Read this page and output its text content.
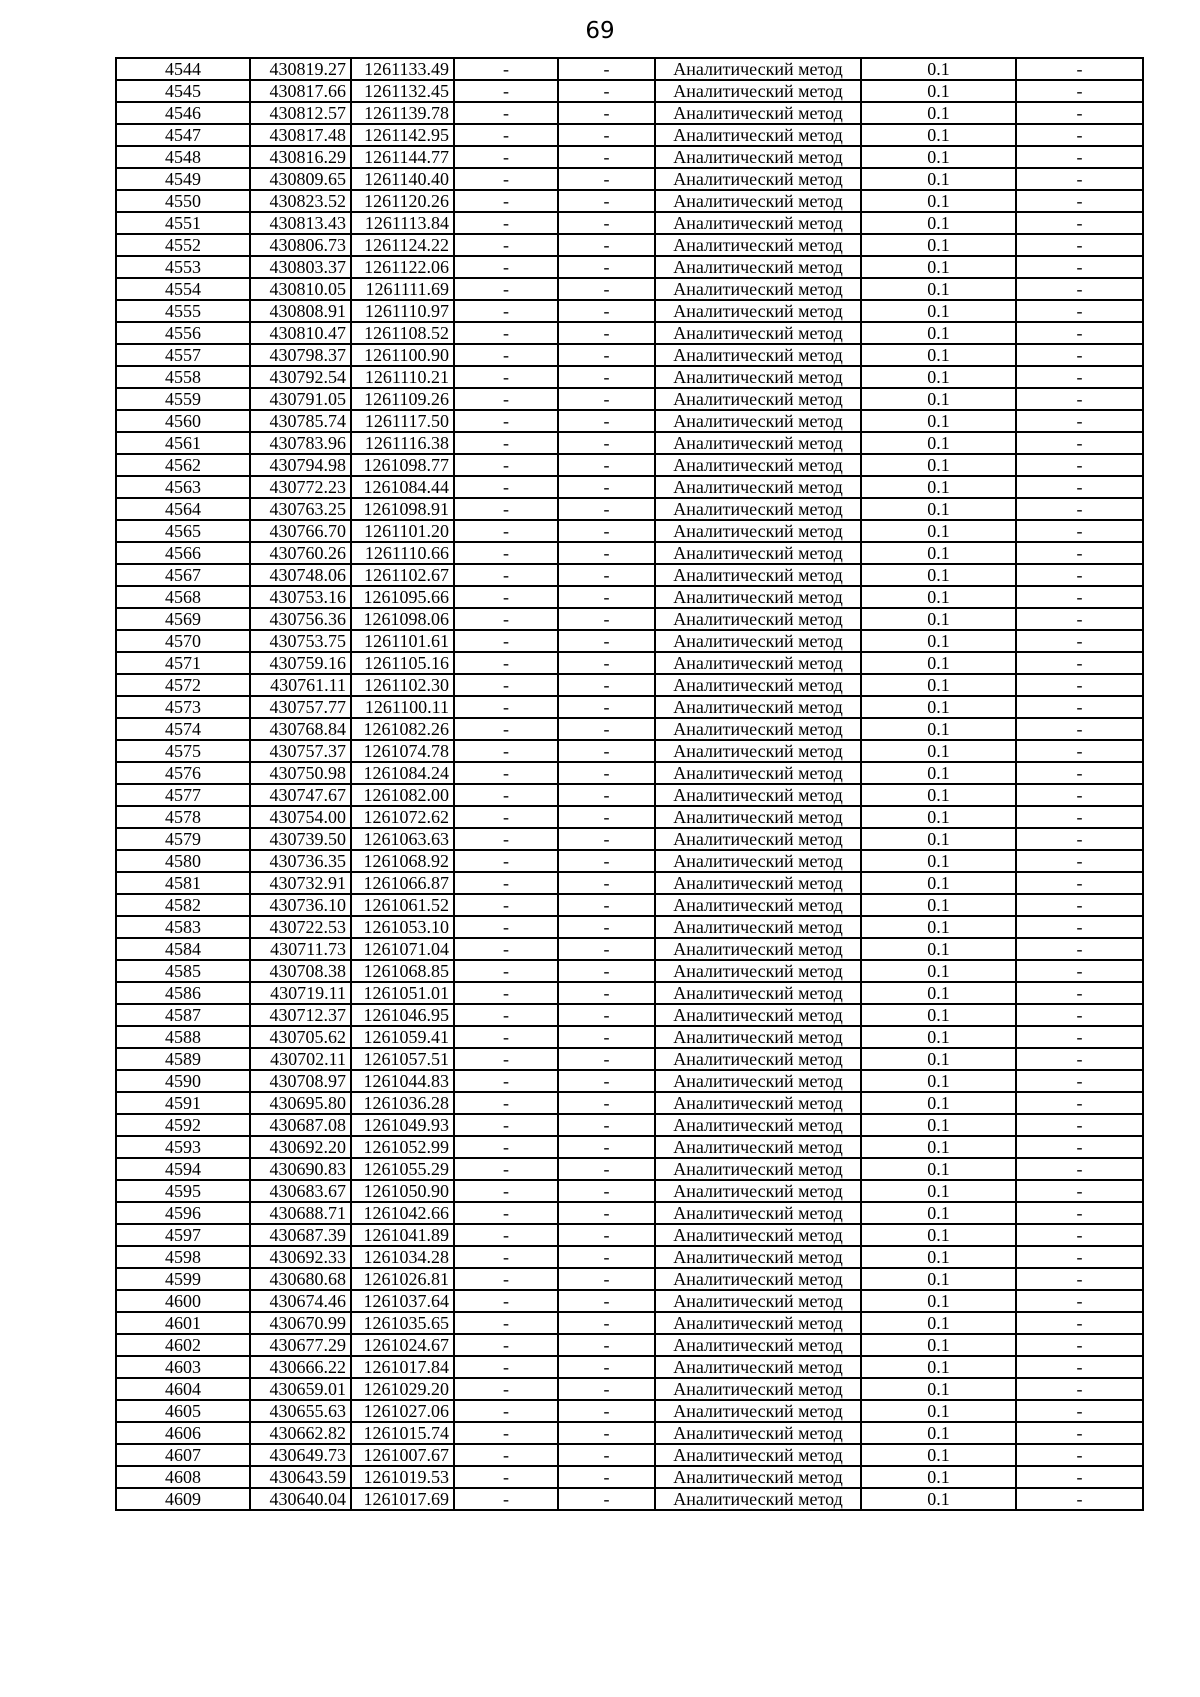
69
4544	430819.27	1261133.49	-	-	Аналитический метод	0.1	-
4545	430817.66	1261132.45	-	-	Аналитический метод	0.1	-
4546	430812.57	1261139.78	-	-	Аналитический метод	0.1	-
4547	430817.48	1261142.95	-	-	Аналитический метод	0.1	-
4548	430816.29	1261144.77	-	-	Аналитический метод	0.1	-
4549	430809.65	1261140.40	-	-	Аналитический метод	0.1	-
4550	430823.52	1261120.26	-	-	Аналитический метод	0.1	-
4551	430813.43	1261113.84	-	-	Аналитический метод	0.1	-
4552	430806.73	1261124.22	-	-	Аналитический метод	0.1	-
4553	430803.37	1261122.06	-	-	Аналитический метод	0.1	-
4554	430810.05	1261111.69	-	-	Аналитический метод	0.1	-
4555	430808.91	1261110.97	-	-	Аналитический метод	0.1	-
4556	430810.47	1261108.52	-	-	Аналитический метод	0.1	-
4557	430798.37	1261100.90	-	-	Аналитический метод	0.1	-
4558	430792.54	1261110.21	-	-	Аналитический метод	0.1	-
4559	430791.05	1261109.26	-	-	Аналитический метод	0.1	-
4560	430785.74	1261117.50	-	-	Аналитический метод	0.1	-
4561	430783.96	1261116.38	-	-	Аналитический метод	0.1	-
4562	430794.98	1261098.77	-	-	Аналитический метод	0.1	-
4563	430772.23	1261084.44	-	-	Аналитический метод	0.1	-
4564	430763.25	1261098.91	-	-	Аналитический метод	0.1	-
4565	430766.70	1261101.20	-	-	Аналитический метод	0.1	-
4566	430760.26	1261110.66	-	-	Аналитический метод	0.1	-
4567	430748.06	1261102.67	-	-	Аналитический метод	0.1	-
4568	430753.16	1261095.66	-	-	Аналитический метод	0.1	-
4569	430756.36	1261098.06	-	-	Аналитический метод	0.1	-
4570	430753.75	1261101.61	-	-	Аналитический метод	0.1	-
4571	430759.16	1261105.16	-	-	Аналитический метод	0.1	-
4572	430761.11	1261102.30	-	-	Аналитический метод	0.1	-
4573	430757.77	1261100.11	-	-	Аналитический метод	0.1	-
4574	430768.84	1261082.26	-	-	Аналитический метод	0.1	-
4575	430757.37	1261074.78	-	-	Аналитический метод	0.1	-
4576	430750.98	1261084.24	-	-	Аналитический метод	0.1	-
4577	430747.67	1261082.00	-	-	Аналитический метод	0.1	-
4578	430754.00	1261072.62	-	-	Аналитический метод	0.1	-
4579	430739.50	1261063.63	-	-	Аналитический метод	0.1	-
4580	430736.35	1261068.92	-	-	Аналитический метод	0.1	-
4581	430732.91	1261066.87	-	-	Аналитический метод	0.1	-
4582	430736.10	1261061.52	-	-	Аналитический метод	0.1	-
4583	430722.53	1261053.10	-	-	Аналитический метод	0.1	-
4584	430711.73	1261071.04	-	-	Аналитический метод	0.1	-
4585	430708.38	1261068.85	-	-	Аналитический метод	0.1	-
4586	430719.11	1261051.01	-	-	Аналитический метод	0.1	-
4587	430712.37	1261046.95	-	-	Аналитический метод	0.1	-
4588	430705.62	1261059.41	-	-	Аналитический метод	0.1	-
4589	430702.11	1261057.51	-	-	Аналитический метод	0.1	-
4590	430708.97	1261044.83	-	-	Аналитический метод	0.1	-
4591	430695.80	1261036.28	-	-	Аналитический метод	0.1	-
4592	430687.08	1261049.93	-	-	Аналитический метод	0.1	-
4593	430692.20	1261052.99	-	-	Аналитический метод	0.1	-
4594	430690.83	1261055.29	-	-	Аналитический метод	0.1	-
4595	430683.67	1261050.90	-	-	Аналитический метод	0.1	-
4596	430688.71	1261042.66	-	-	Аналитический метод	0.1	-
4597	430687.39	1261041.89	-	-	Аналитический метод	0.1	-
4598	430692.33	1261034.28	-	-	Аналитический метод	0.1	-
4599	430680.68	1261026.81	-	-	Аналитический метод	0.1	-
4600	430674.46	1261037.64	-	-	Аналитический метод	0.1	-
4601	430670.99	1261035.65	-	-	Аналитический метод	0.1	-
4602	430677.29	1261024.67	-	-	Аналитический метод	0.1	-
4603	430666.22	1261017.84	-	-	Аналитический метод	0.1	-
4604	430659.01	1261029.20	-	-	Аналитический метод	0.1	-
4605	430655.63	1261027.06	-	-	Аналитический метод	0.1	-
4606	430662.82	1261015.74	-	-	Аналитический метод	0.1	-
4607	430649.73	1261007.67	-	-	Аналитический метод	0.1	-
4608	430643.59	1261019.53	-	-	Аналитический метод	0.1	-
4609	430640.04	1261017.69	-	-	Аналитический метод	0.1	-
